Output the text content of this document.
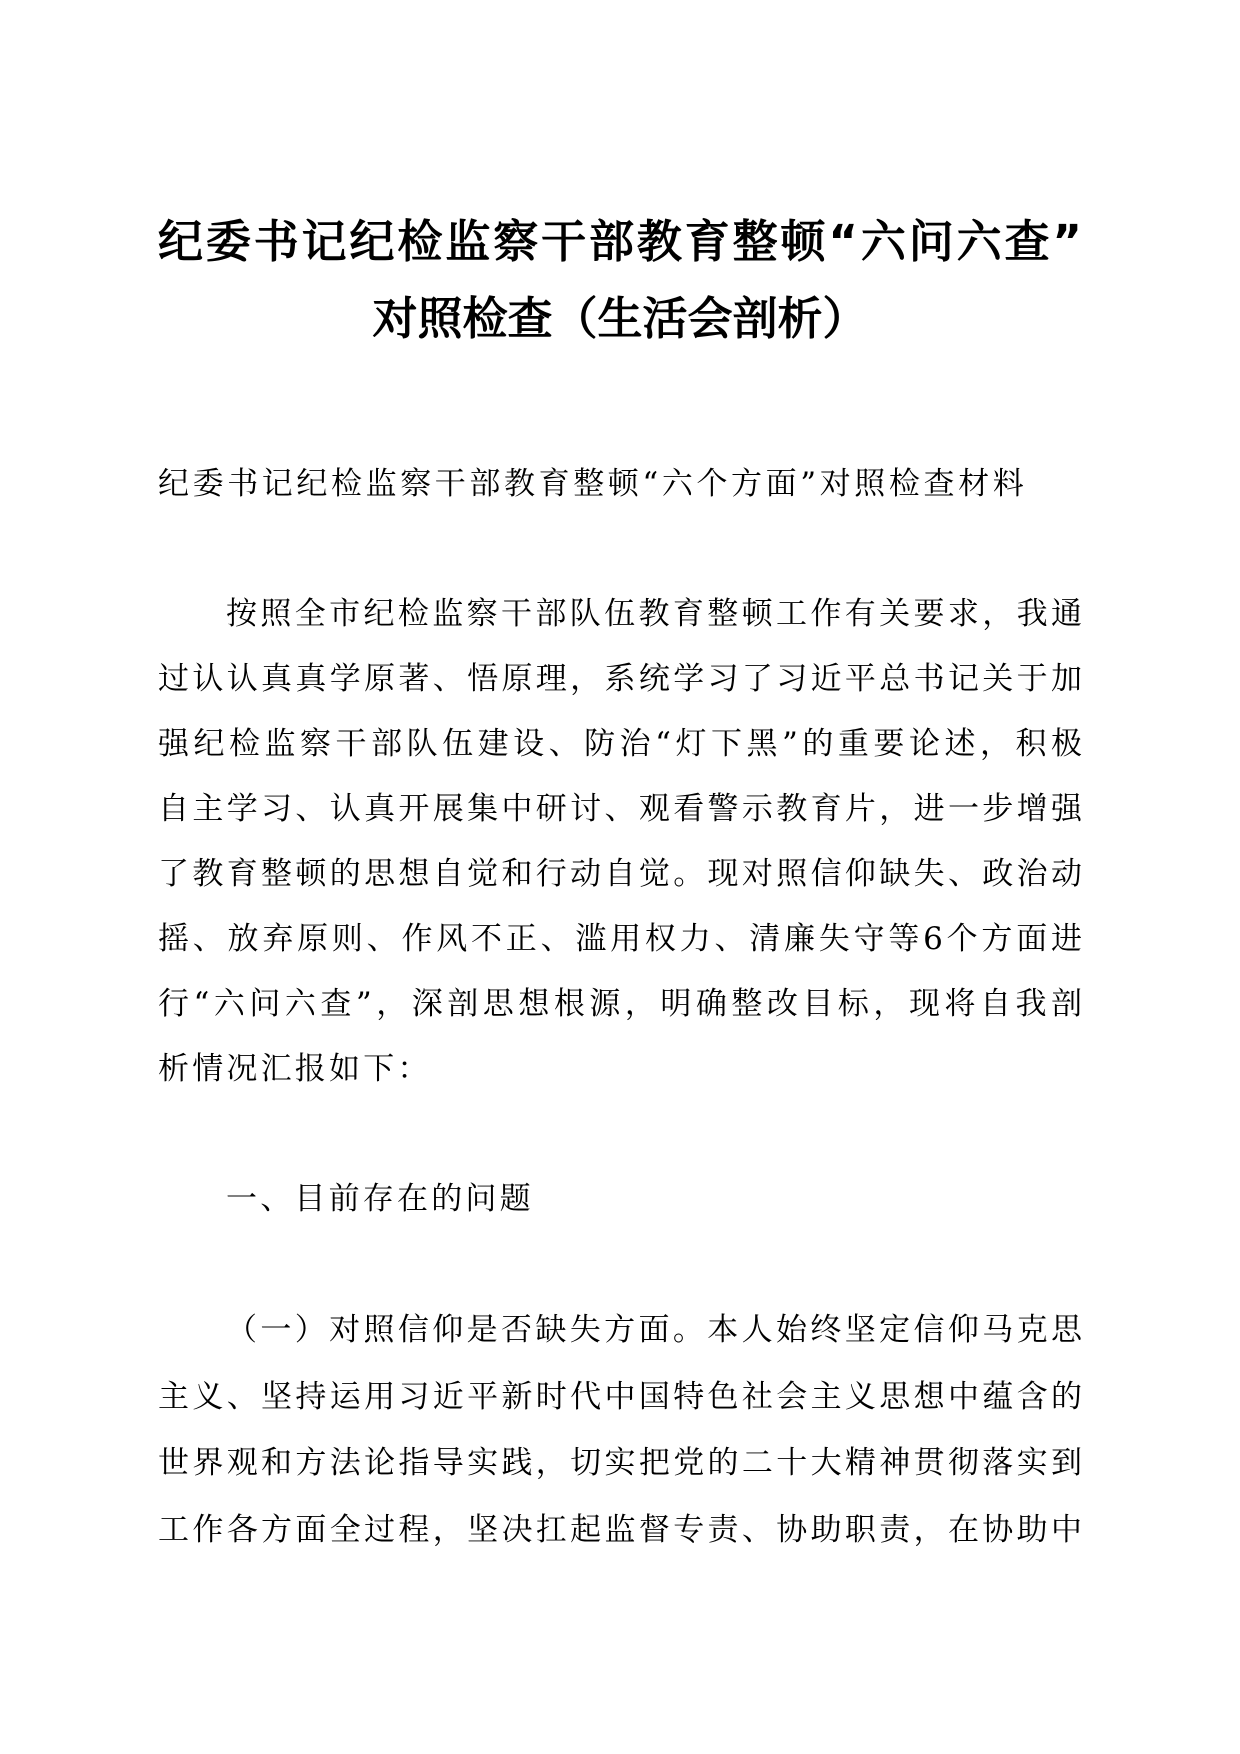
纪委书记纪检监察干部教育整顿“六问六查”
对照检查（生活会剖析）
纪委书记纪检监察干部教育整顿“六个方面”对照检查材料
按照全市纪检监察干部队伍教育整顿工作有关要求，我通
过认认真真学原著、悟原理，系统学习了习近平总书记关于加
强纪检监察干部队伍建设、防治“灯下黑”的重要论述，积极
自主学习、认真开展集中研讨、观看警示教育片，进一步增强
了教育整顿的思想自觉和行动自觉。现对照信仰缺失、政治动
摇、放弃原则、作风不正、滥用权力、清廉失守等6个方面进
行“六问六查”，深剖思想根源，明确整改目标，现将自我剖
析情况汇报如下：
一、目前存在的问题
（一）对照信仰是否缺失方面。本人始终坚定信仰马克思
主义、坚持运用习近平新时代中国特色社会主义思想中蕴含的
世界观和方法论指导实践，切实把党的二十大精神贯彻落实到
工作各方面全过程，坚决扛起监督专责、协助职责，在协助中
